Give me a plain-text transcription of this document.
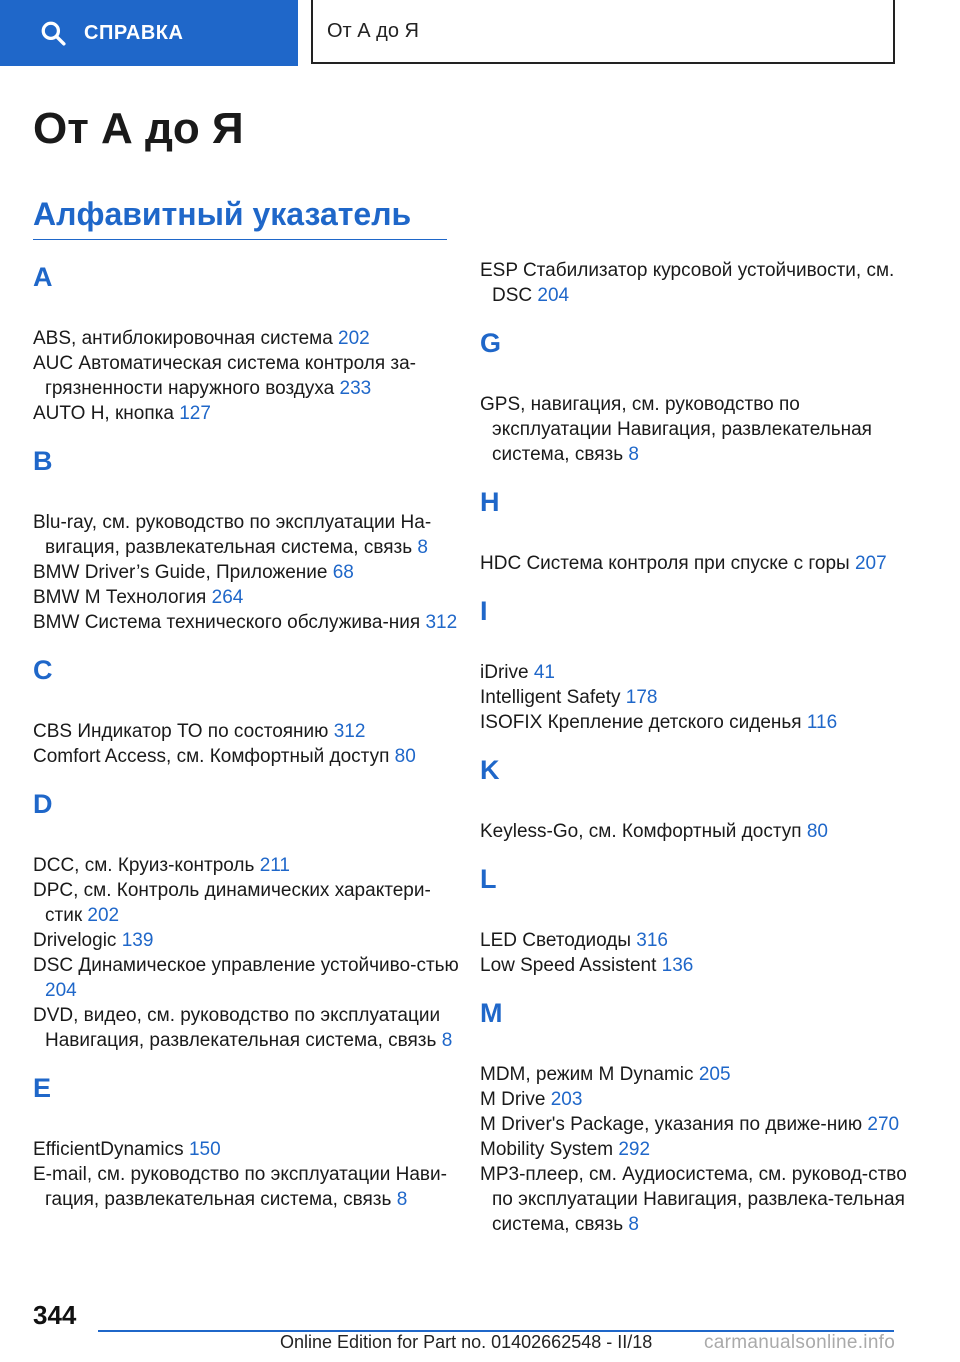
СПРАВКА	От А до Я
От А до Я
Алфавитный указатель
A

ABS, антиблокировочная система 202

AUC Автоматическая система контроля за-грязненности наружного воздуха 233

AUTO H, кнопка 127

B

Blu-ray, см. руководство по эксплуатации На-вигация, развлекательная система, связь 8

BMW Driver’s Guide, Приложение 68

BMW M Технология 264

BMW Система технического обслужива-ния 312

C

CBS Индикатор ТО по состоянию 312

Comfort Access, см. Комфортный доступ 80

D

DCC, см. Круиз-контроль 211

DPC, см. Контроль динамических характери-стик 202

Drivelogic 139

DSC Динамическое управление устойчиво-стью 204

DVD, видео, см. руководство по эксплуатации Навигация, развлекательная система, связь 8

E

EfficientDynamics 150

E-mail, см. руководство по эксплуатации Нави-гация, развлекательная система, связь 8

ESP Стабилизатор курсовой устойчивости, см. DSC 204

G

GPS, навигация, см. руководство по эксплуатации Навигация, развлекательная система, связь 8

H

HDC Система контроля при спуске с горы 207

I

iDrive 41

Intelligent Safety 178

ISOFIX Крепление детского сиденья 116

K

Keyless-Go, см. Комфортный доступ 80

L

LED Светодиоды 316

Low Speed Assistent 136

M

MDM, режим M Dynamic 205

M Drive 203

M Driver's Package, указания по движе-нию 270

Mobility System 292

MP3-плеер, см. Аудиосистема, см. руковод-ство по эксплуатации Навигация, развлека-тельная система, связь 8

344
Online Edition for Part no. 01402662548 - II/18	carmanualsonline.info
